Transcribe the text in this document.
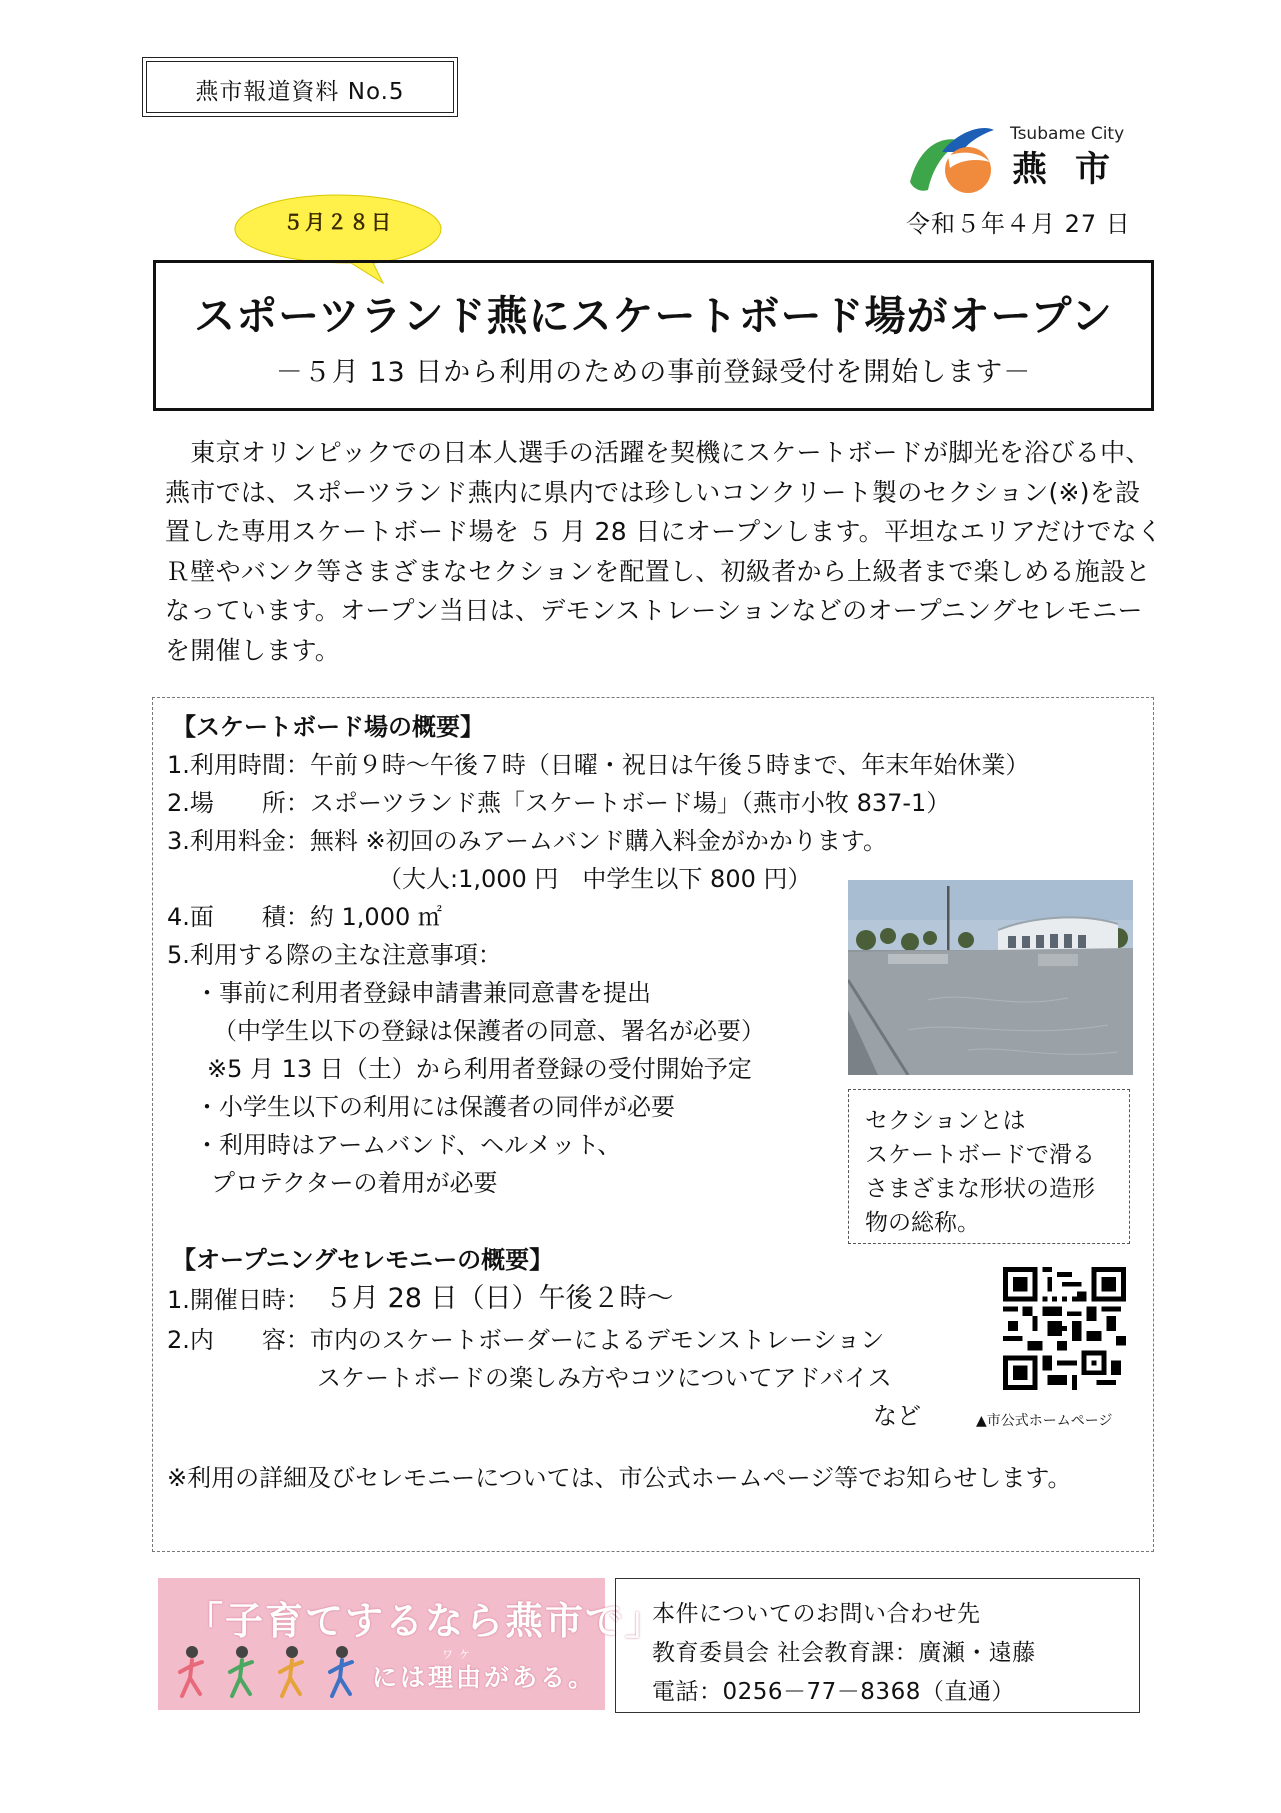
燕市報道資料 No.5
Tsubame City
燕市
令和５年４月 27 日
５月２８日
スポーツランド燕にスケートボード場がオープン
－５月 13 日から利用のための事前登録受付を開始します－

　東京オリンピックでの日本人選手の活躍を契機にスケートボードが脚光を浴びる中、

燕市では、スポーツランド燕内に県内では珍しいコンクリート製のセクション(※)を設

置した専用スケートボード場を ５ 月 28 日にオープンします。平坦なエリアだけでなく

Ｒ壁やバンク等さまざまなセクションを配置し、初級者から上級者まで楽しめる施設と

なっています。オープン当日は、デモンストレーションなどのオープニングセレモニー

を開催します。

【スケートボード場の概要】
1.利用時間：午前９時～午後７時（日曜・祝日は午後５時まで、年末年始休業）
2.場　　所：スポーツランド燕「スケートボード場」（燕市小牧 837-1）
3.利用料金：無料 ※初回のみアームバンド購入料金がかかります。
（大人:1,000 円　中学生以下 800 円）
4.面　　積：約 1,000 ㎡
5.利用する際の主な注意事項：
・事前に利用者登録申請書兼同意書を提出
（中学生以下の登録は保護者の同意、署名が必要）
※5 月 13 日（土）から利用者登録の受付開始予定
・小学生以下の利用には保護者の同伴が必要
・利用時はアームバンド、ヘルメット、
プロテクターの着用が必要
セクションとは
スケートボードで滑る
さまざまな形状の造形
物の総称。
【オープニングセレモニーの概要】
1.開催日時： ５月 28 日（日）午後２時～
2.内　　容：市内のスケートボーダーによるデモンストレーション
スケートボードの楽しみ方やコツについてアドバイス
など	▲市公式ホームページ
※利用の詳細及びセレモニーについては、市公式ホームページ等でお知らせします。
「子育てするなら燕市で」
ワケ
には理由がある。
本件についてのお問い合わせ先
教育委員会 社会教育課：廣瀬・遠藤
電話：0256－77－8368（直通）
